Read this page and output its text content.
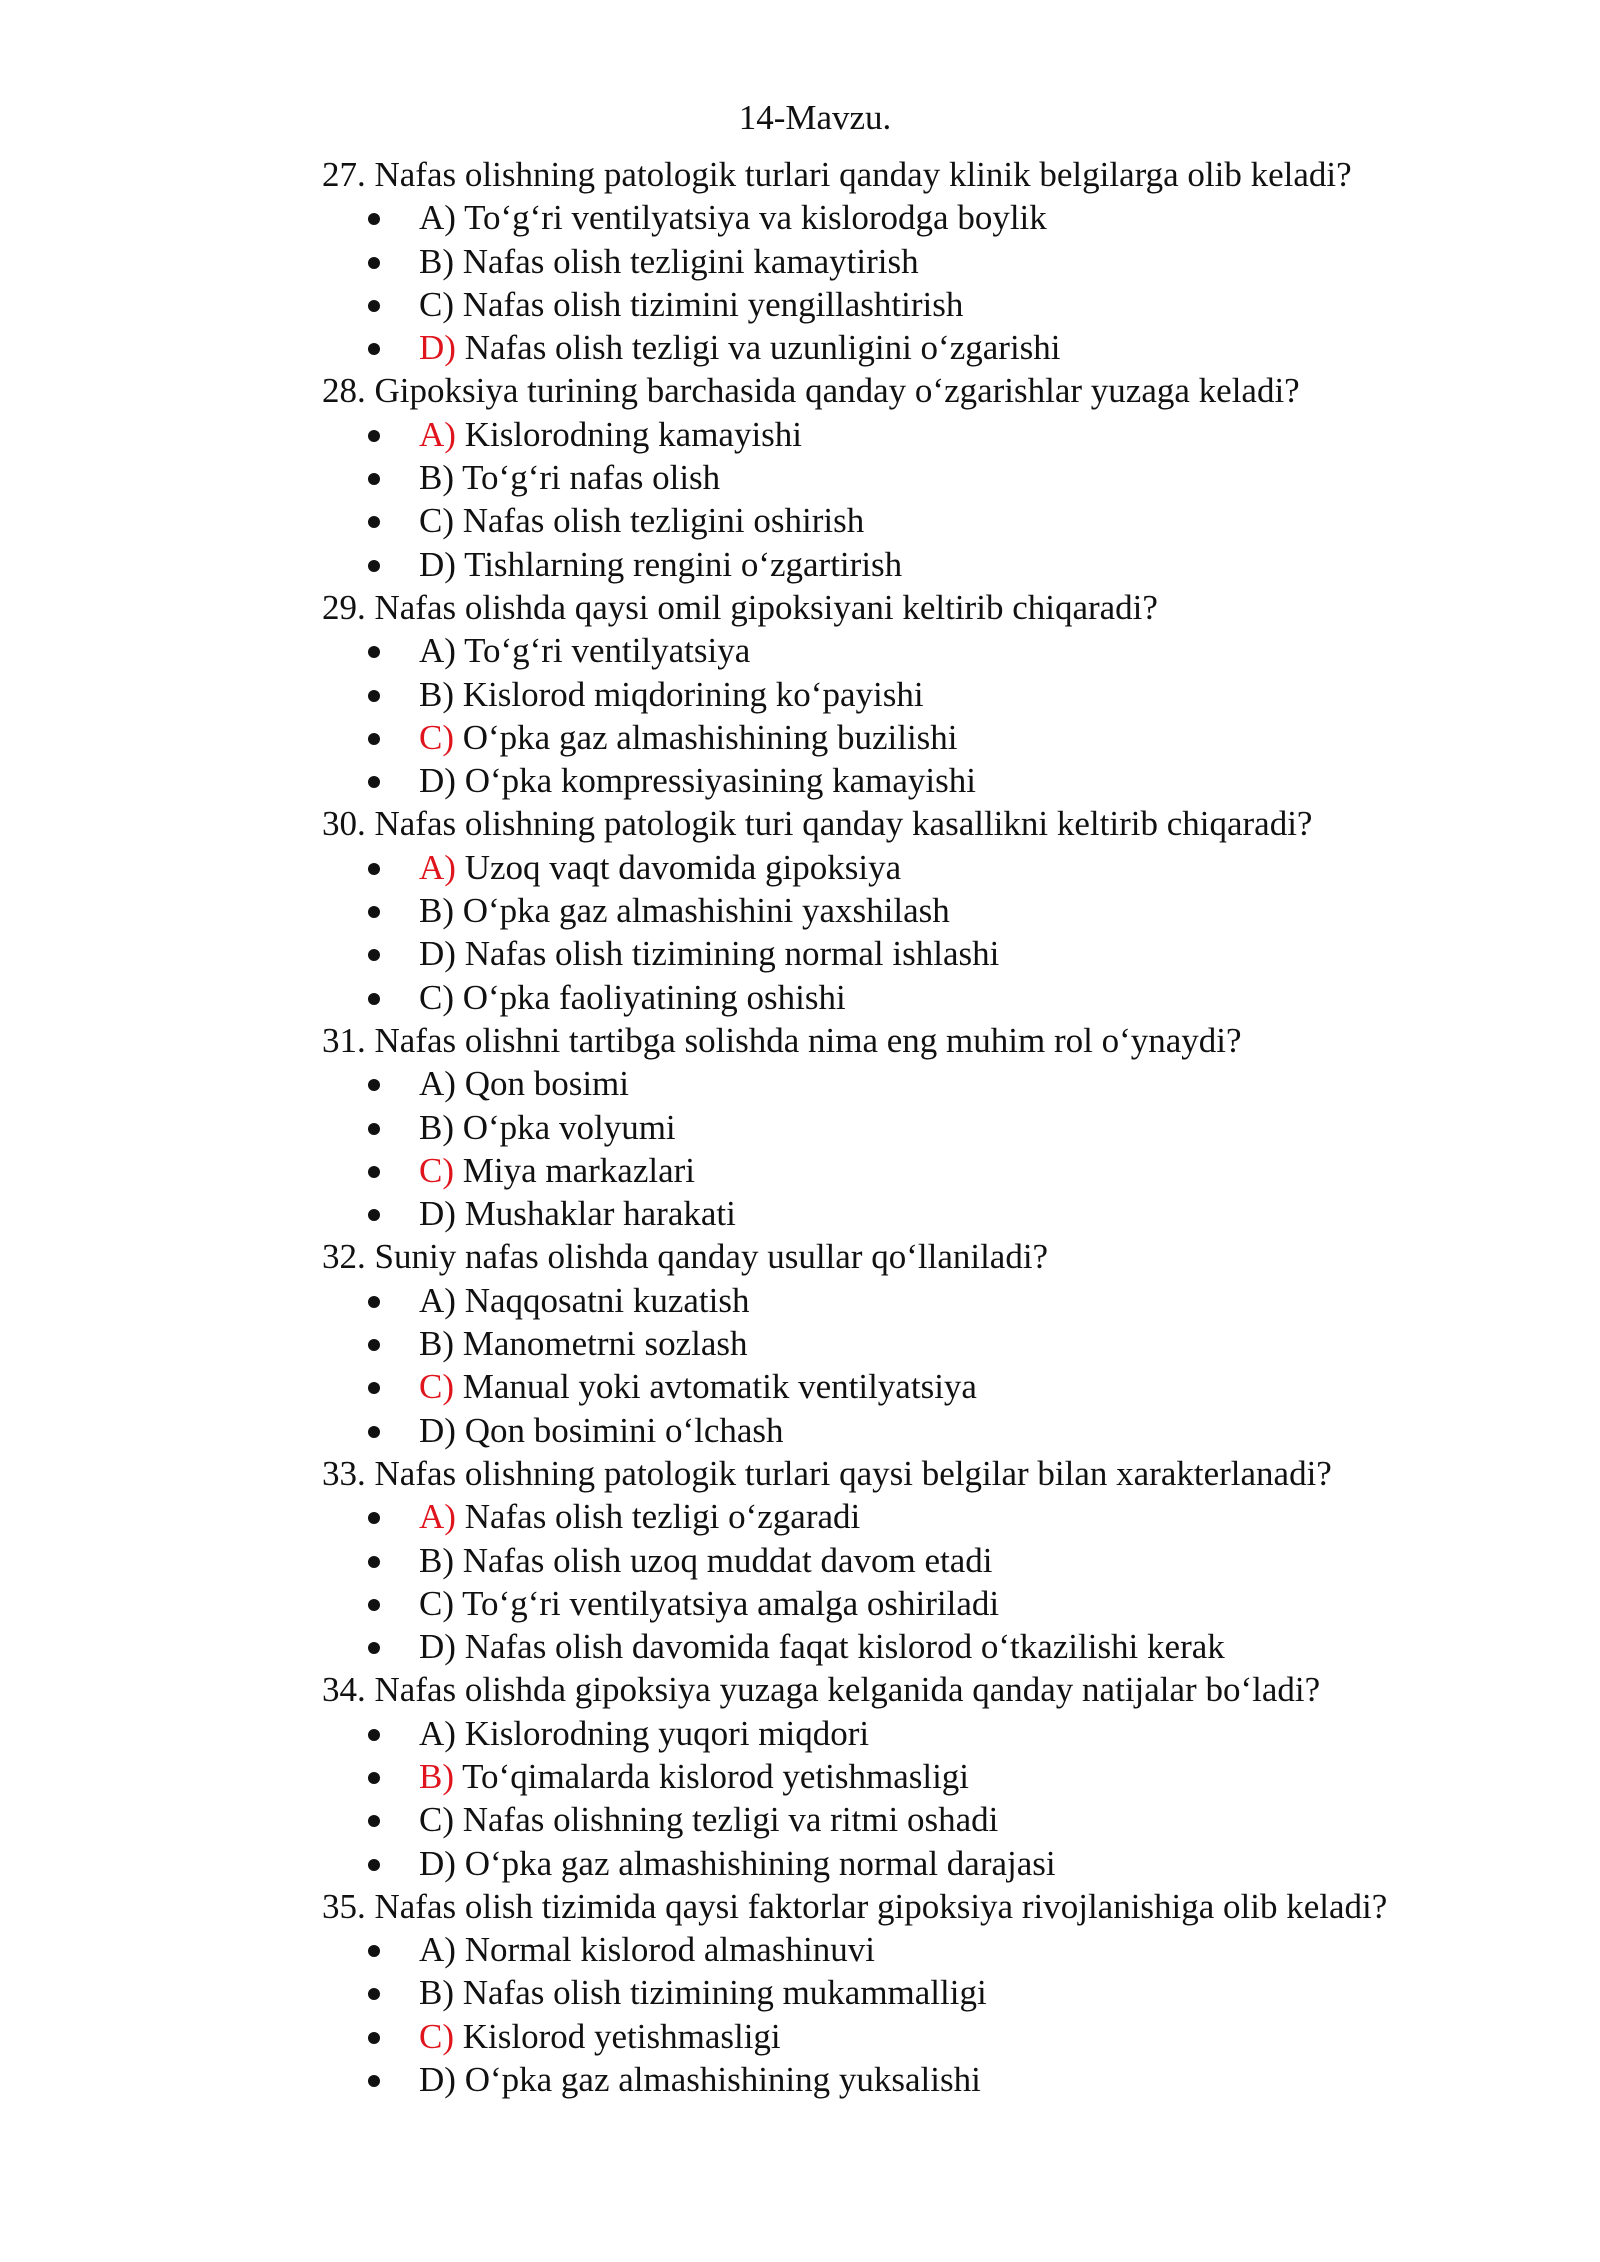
14-Mavzu.
27. Nafas olishning patologik turlari qanday klinik belgilarga olib keladi?
A) To‘g‘ri ventilyatsiya va kislorodga boylik
B) Nafas olish tezligini kamaytirish
C) Nafas olish tizimini yengillashtirish
D) Nafas olish tezligi va uzunligini o‘zgarishi
28. Gipoksiya turining barchasida qanday o‘zgarishlar yuzaga keladi?
A) Kislorodning kamayishi
B) To‘g‘ri nafas olish
C) Nafas olish tezligini oshirish
D) Tishlarning rengini o‘zgartirish
29. Nafas olishda qaysi omil gipoksiyani keltirib chiqaradi?
A) To‘g‘ri ventilyatsiya
B) Kislorod miqdorining ko‘payishi
C) O‘pka gaz almashishining buzilishi
D) O‘pka kompressiyasining kamayishi
30. Nafas olishning patologik turi qanday kasallikni keltirib chiqaradi?
A) Uzoq vaqt davomida gipoksiya
B) O‘pka gaz almashishini yaxshilash
D) Nafas olish tizimining normal ishlashi
C) O‘pka faoliyatining oshishi
31. Nafas olishni tartibga solishda nima eng muhim rol o‘ynaydi?
A) Qon bosimi
B) O‘pka volyumi
C) Miya markazlari
D) Mushaklar harakati
32. Suniy nafas olishda qanday usullar qo‘llaniladi?
A) Naqqosatni kuzatish
B) Manometrni sozlash
C) Manual yoki avtomatik ventilyatsiya
D) Qon bosimini o‘lchash
33. Nafas olishning patologik turlari qaysi belgilar bilan xarakterlanadi?
A) Nafas olish tezligi o‘zgaradi
B) Nafas olish uzoq muddat davom etadi
C) To‘g‘ri ventilyatsiya amalga oshiriladi
D) Nafas olish davomida faqat kislorod o‘tkazilishi kerak
34. Nafas olishda gipoksiya yuzaga kelganida qanday natijalar bo‘ladi?
A) Kislorodning yuqori miqdori
B) To‘qimalarda kislorod yetishmasligi
C) Nafas olishning tezligi va ritmi oshadi
D) O‘pka gaz almashishining normal darajasi
35. Nafas olish tizimida qaysi faktorlar gipoksiya rivojlanishiga olib keladi?
A) Normal kislorod almashinuvi
B) Nafas olish tizimining mukammalligi
C) Kislorod yetishmasligi
D) O‘pka gaz almashishining yuksalishi
